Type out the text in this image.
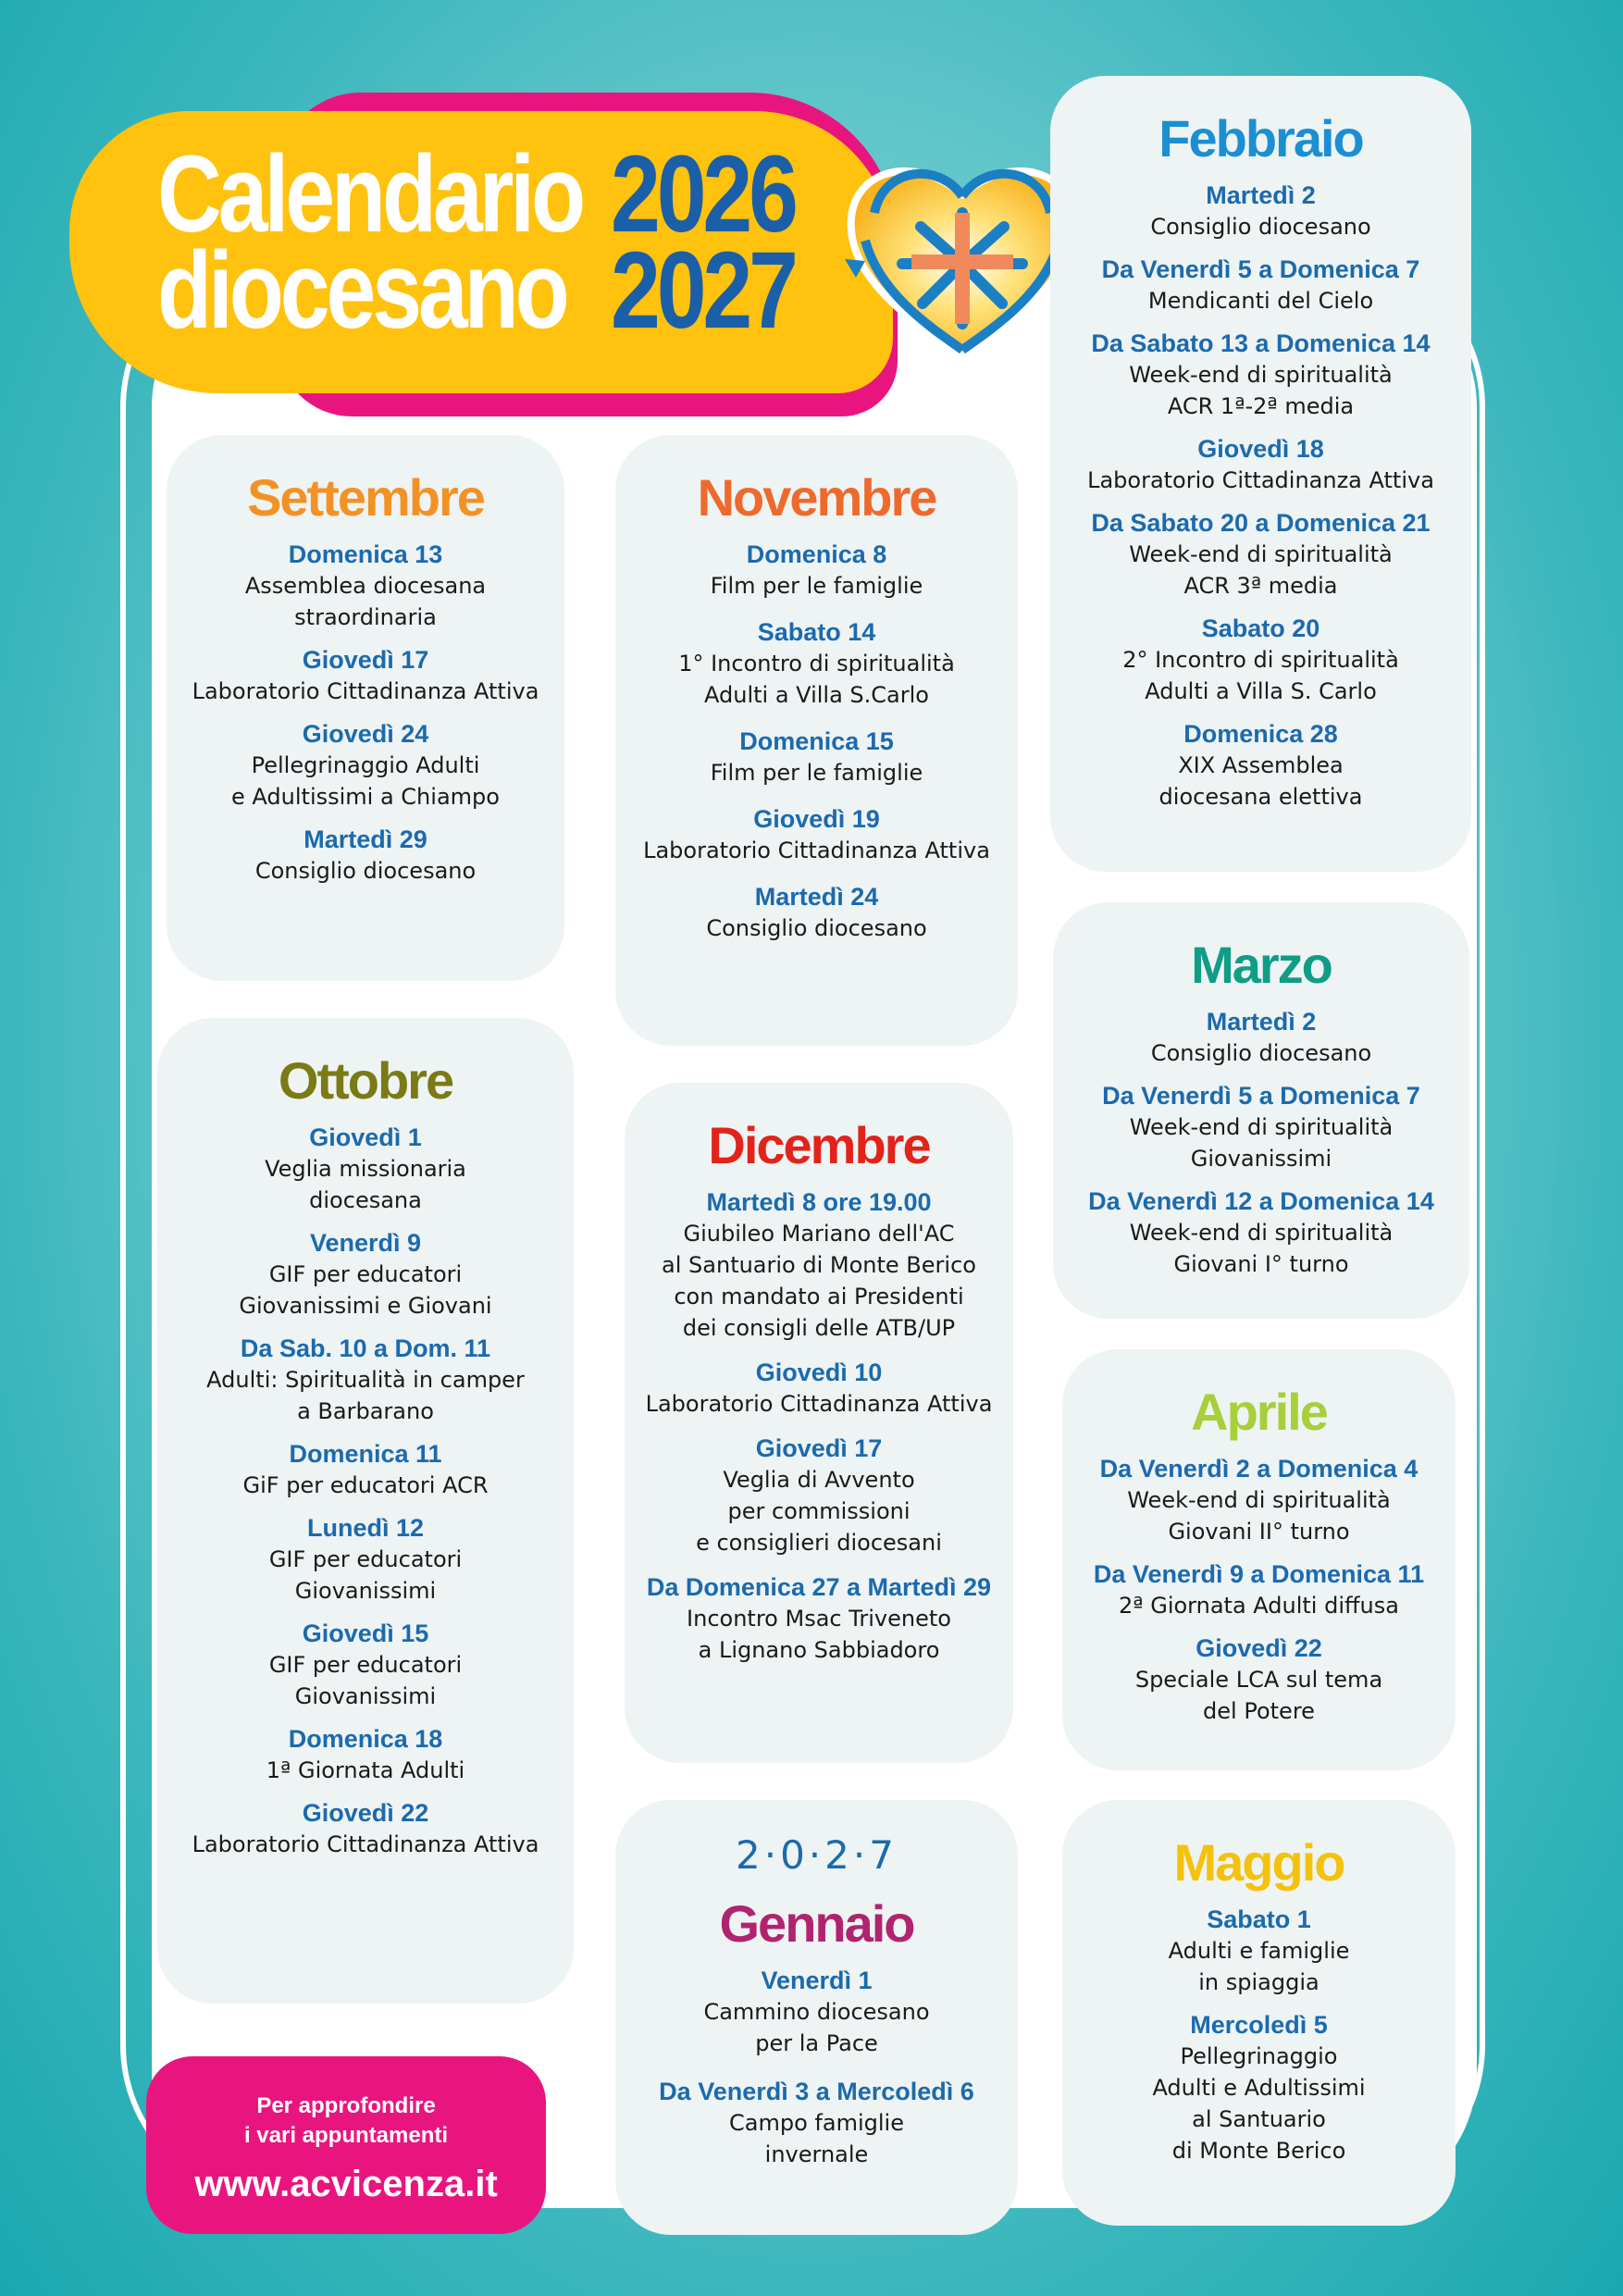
Calendario
diocesano
2026
2027
Settembre
Domenica 13
Assemblea diocesana
straordinaria
Giovedì 17
Laboratorio Cittadinanza Attiva
Giovedì 24
Pellegrinaggio Adulti
e Adultissimi a Chiampo
Martedì 29
Consiglio diocesano
Novembre
Domenica 8
Film per le famiglie
Sabato 14
1° Incontro di spiritualità
Adulti a Villa S.Carlo
Domenica 15
Film per le famiglie
Giovedì 19
Laboratorio Cittadinanza Attiva
Martedì 24
Consiglio diocesano
Ottobre
Giovedì 1
Veglia missionaria
diocesana
Venerdì 9
GIF per educatori
Giovanissimi e Giovani
Da Sab. 10 a Dom. 11
Adulti: Spiritualità in camper
a Barbarano
Domenica 11
GiF per educatori ACR
Lunedì 12
GIF per educatori
Giovanissimi
Giovedì 15
GIF per educatori
Giovanissimi
Domenica 18
1ª Giornata Adulti
Giovedì 22
Laboratorio Cittadinanza Attiva
Dicembre
Martedì 8 ore 19.00
Giubileo Mariano dell'AC
al Santuario di Monte Berico
con mandato ai Presidenti
dei consigli delle ATB/UP
Giovedì 10
Laboratorio Cittadinanza Attiva
Giovedì 17
Veglia di Avvento
per commissioni
e consiglieri diocesani
Da Domenica 27 a Martedì 29
Incontro Msac Triveneto
a Lignano Sabbiadoro
2·0·2·7
Gennaio
Venerdì 1
Cammino diocesano
per la Pace
Da Venerdì 3 a Mercoledì 6
Campo famiglie
invernale
Febbraio
Martedì 2
Consiglio diocesano
Da Venerdì 5 a Domenica 7
Mendicanti del Cielo
Da Sabato 13 a Domenica 14
Week-end di spiritualità
ACR 1ª-2ª media
Giovedì 18
Laboratorio Cittadinanza Attiva
Da Sabato 20 a Domenica 21
Week-end di spiritualità
ACR 3ª media
Sabato 20
2° Incontro di spiritualità
Adulti a Villa S. Carlo
Domenica 28
XIX Assemblea
diocesana elettiva
Marzo
Martedì 2
Consiglio diocesano
Da Venerdì 5 a Domenica 7
Week-end di spiritualità
Giovanissimi
Da Venerdì 12 a Domenica 14
Week-end di spiritualità
Giovani I° turno
Aprile
Da Venerdì 2 a Domenica 4
Week-end di spiritualità
Giovani II° turno
Da Venerdì 9 a Domenica 11
2ª Giornata Adulti diffusa
Giovedì 22
Speciale LCA sul tema
del Potere
Maggio
Sabato 1
Adulti e famiglie
in spiaggia
Mercoledì 5
Pellegrinaggio
Adulti e Adultissimi
al Santuario
di Monte Berico
Per approfondire
i vari appuntamenti
www.acvicenza.it
